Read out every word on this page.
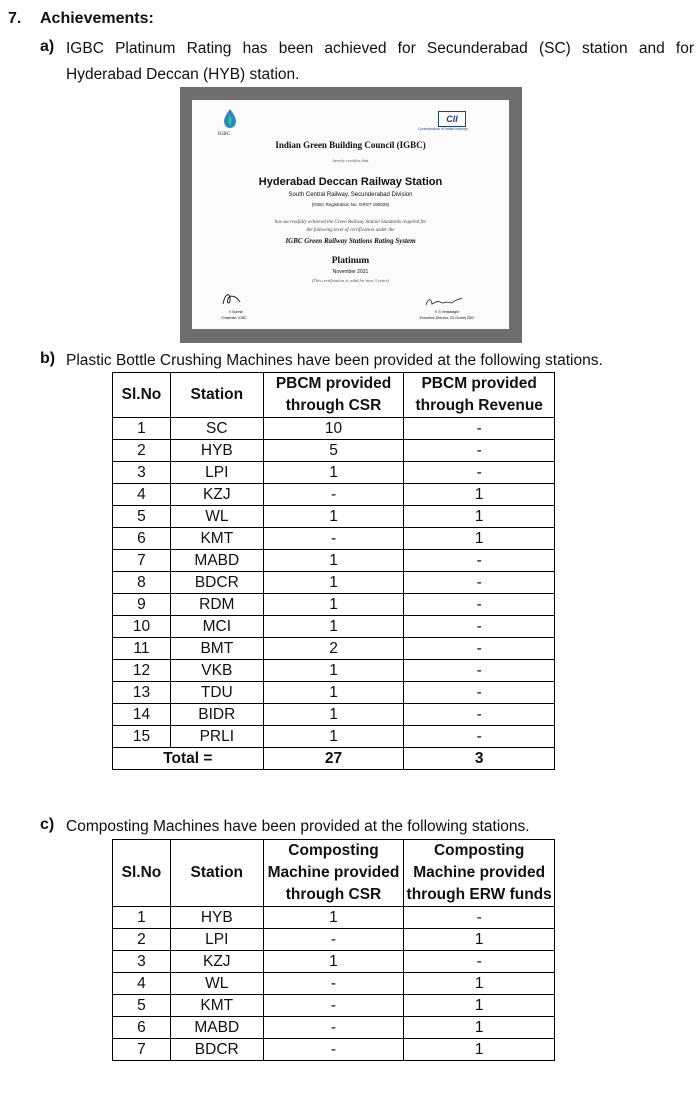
7. Achievements:
a) IGBC Platinum Rating has been achieved for Secunderabad (SC) station and for Hyderabad Deccan (HYB) station.
IGBC
CII
Confederation of Indian Industry
Indian Green Building Council (IGBC)
hereby certifies that
Hyderabad Deccan Railway Station
South Central Railway, Secunderabad Division
(IGBC Registration No. GRST 190025)
has successfully achieved the Green Railway Station Standards required for
the following level of certification under the
IGBC Green Railway Stations Rating System
Platinum
November 2021
(This certification is valid for next 3 years)
V Suresh
Chairman, IGBC
K S Venkatagiri
Executive Director, CII-Godrej GBC
b) Plastic Bottle Crushing Machines have been provided at the following stations.
Sl.No	Station	PBCM provided through CSR	PBCM provided through Revenue
1	SC	10	-
2	HYB	5	-
3	LPI	1	-
4	KZJ	-	1
5	WL	1	1
6	KMT	-	1
7	MABD	1	-
8	BDCR	1	-
9	RDM	1	-
10	MCI	1	-
11	BMT	2	-
12	VKB	1	-
13	TDU	1	-
14	BIDR	1	-
15	PRLI	1	-
Total =		27	3
c) Composting Machines have been provided at the following stations.
Sl.No	Station	Composting Machine provided through CSR	Composting Machine provided through ERW funds
1	HYB	1	-
2	LPI	-	1
3	KZJ	1	-
4	WL	-	1
5	KMT	-	1
6	MABD	-	1
7	BDCR	-	1
